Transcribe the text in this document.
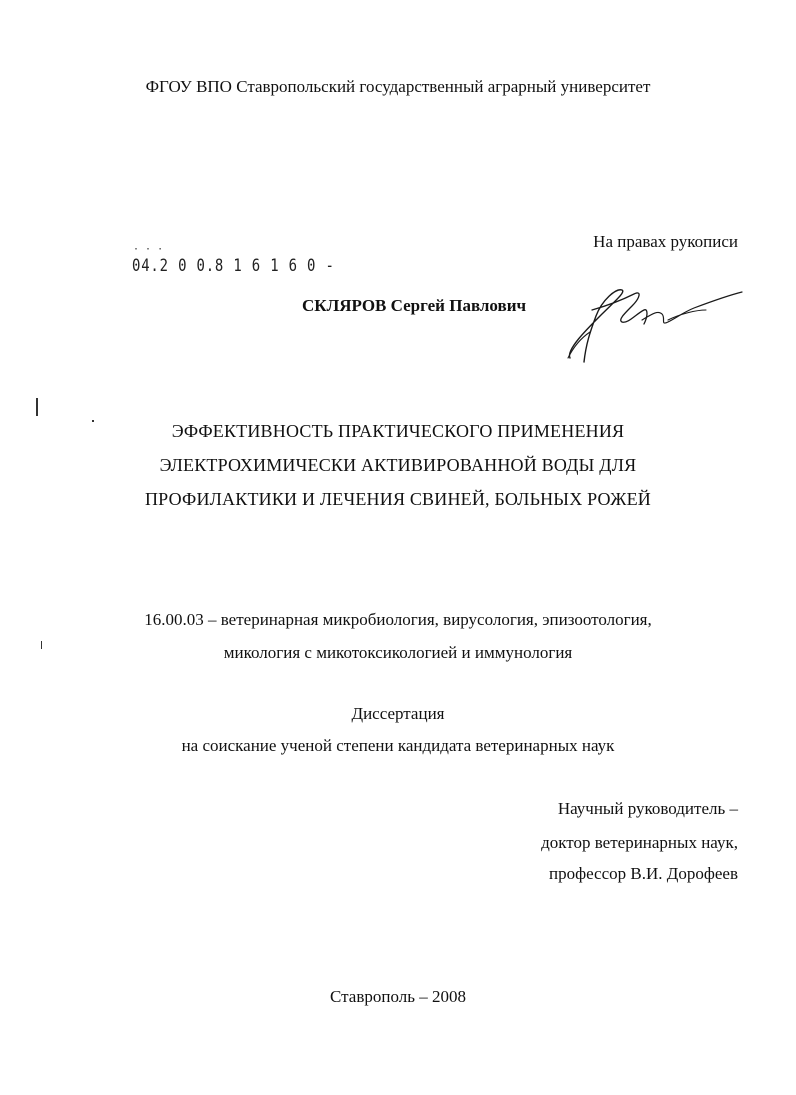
ФГОУ ВПО Ставропольский государственный аграрный университет
На правах рукописи
· · ·
04.2 0 0.8 1 6 1 6 0 -
СКЛЯРОВ Сергей Павлович
ЭФФЕКТИВНОСТЬ ПРАКТИЧЕСКОГО ПРИМЕНЕНИЯ
ЭЛЕКТРОХИМИЧЕСКИ АКТИВИРОВАННОЙ ВОДЫ ДЛЯ
ПРОФИЛАКТИКИ И ЛЕЧЕНИЯ СВИНЕЙ, БОЛЬНЫХ РОЖЕЙ
16.00.03 – ветеринарная микробиология, вирусология, эпизоотология,
микология с микотоксикологией и иммунология
Диссертация
на соискание ученой степени кандидата ветеринарных наук
Научный руководитель –
доктор ветеринарных наук,
профессор В.И. Дорофеев
Ставрополь – 2008
